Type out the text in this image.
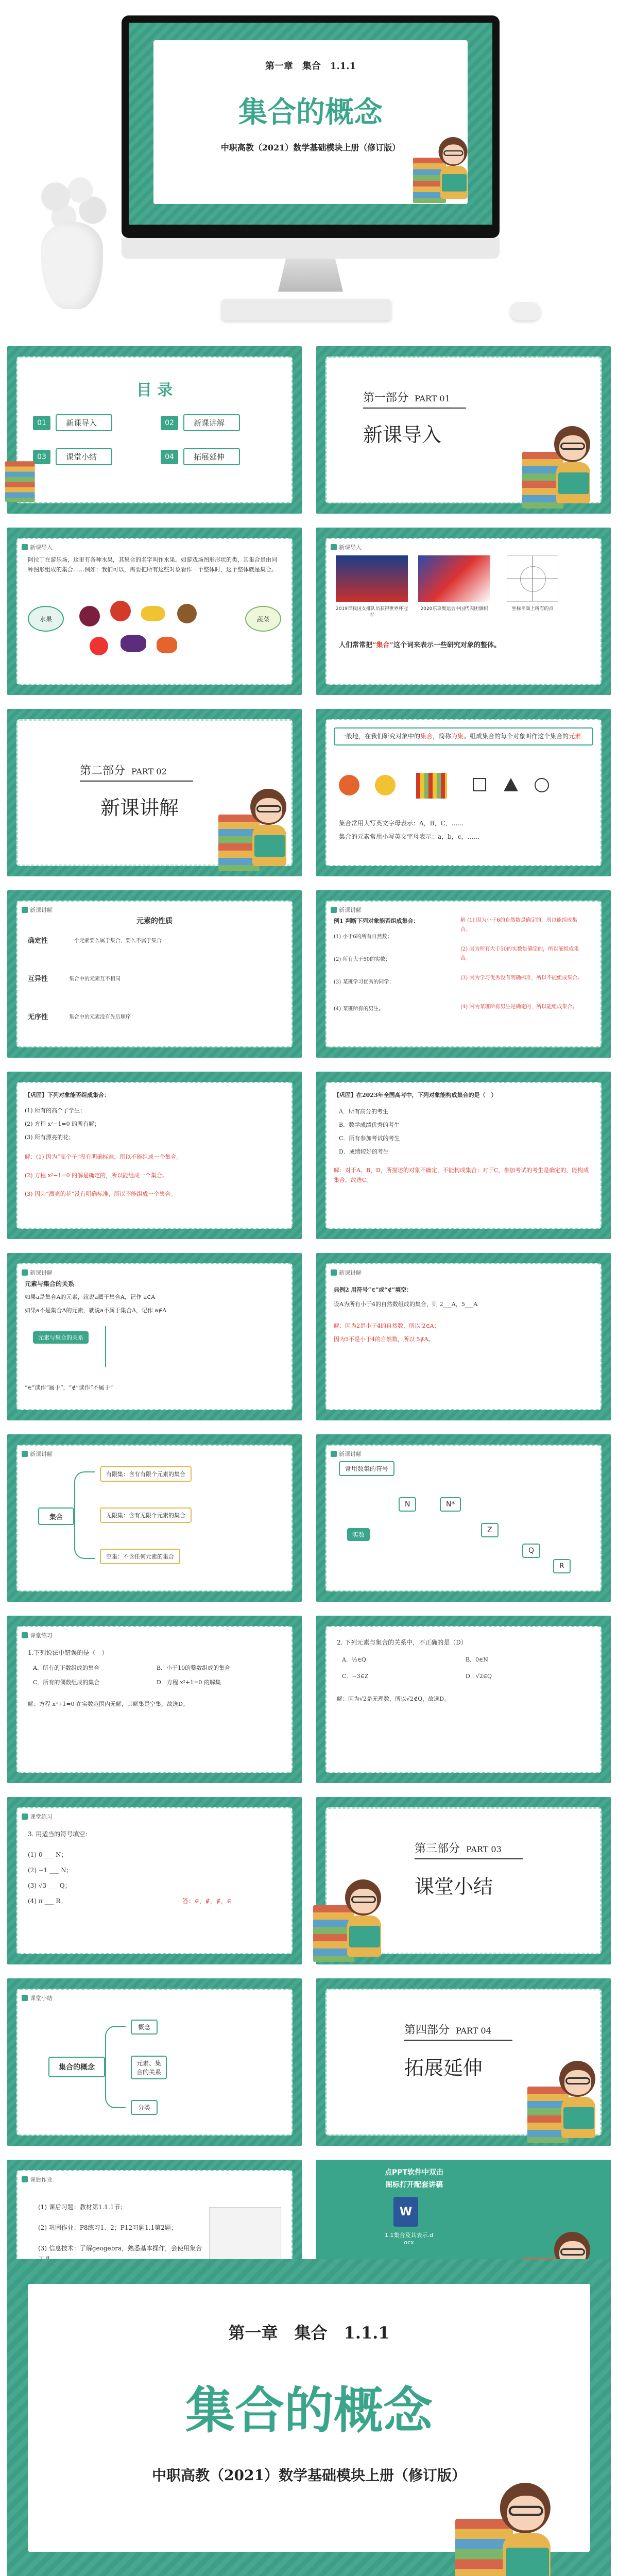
第一章　集合　1.1.1
集合的概念
中职高教（2021）数学基础模块上册（修订版）
目 录
01	新课导入	02	新课讲解
03	课堂小结	04	拓展延伸
第一部分 PART 01
新课导入
新课导入
阿拉丁在游乐场，这里有各种水果，其集合的名字叫作水果。如游戏场图形形状的类，其集合是由同种图形组成的集合……例如：我们可以，需要把所有这些对象看作一个整体时，这个整体就是集合。
水果	蔬菜
新课导入
2019年我国女排队员获得世界杯冠军
2020东京奥运会中国代表团旗帜	坐标平面上所有的点
人们常常把“集合”这个词来表示一些研究对象的整体。
第二部分 PART 02
新课讲解
一般地，在我们研究对象中的集合，简称为集。组成集合的每个对象叫作这个集合的元素
集合常用大写英文字母表示：A，B，C，……
集合的元素常用小写英文字母表示：a，b，c，……
新课讲解
元素的性质
确定性	一个元素要么属于集合，要么不属于集合
互异性	集合中的元素互不相同
无序性	集合中的元素没有先后顺序
新课讲解
例1 判断下列对象能否组成集合：
(1) 小于6的所有自然数；
(2) 所有大于50的实数；
(3) 某班学习优秀的同学；
(4) 某班所有的男生。
解 (1) 因为小于6的自然数是确定的，所以能组成集合。
(2) 因为所有大于50的实数是确定的，所以能组成集合。
(3) 因为学习优秀没有明确标准，所以不能组成集合。
(4) 因为某班所有男生是确定的，所以能组成集合。
【巩固】下列对象能否组成集合：
(1) 所有的高个子学生；
(2) 方程 x²−1=0 的所有解；
(3) 所有漂亮的花；
解：(1) 因为“高个子”没有明确标准，所以不能组成一个集合。
(2) 方程 x²−1=0 的解是确定的，所以能组成一个集合。
(3) 因为“漂亮的花”没有明确标准，所以不能组成一个集合。
【巩固】在2023年全国高考中，下列对象能构成集合的是（　）
A．所有高分的考生
B．数学成绩优秀的考生
C．所有参加考试的考生
D．成绩较好的考生
解：对于A、B、D，所描述的对象不确定，不能构成集合；对于C，参加考试的考生是确定的，能构成集合。故选C。
新课讲解
元素与集合的关系
如果a是集合A的元素，就说a属于集合A，记作 a∈A
如果a不是集合A的元素，就说a不属于集合A，记作 a∉A
元素与集合的关系
“∈”读作“属于”，“∉”读作“不属于”
新课讲解
典例2 用符号“∈”或“∉”填空：
设A为所有小于4的自然数组成的集合，则 2___A，5___A
解：因为2是小于4的自然数，所以 2∈A；
因为5不是小于4的自然数，所以 5∉A。
新课讲解
集合
有限集：含有有限个元素的集合
无限集：含有无限个元素的集合
空集：不含任何元素的集合
新课讲解
常用数集的符号
实数
N	N*
Z
Q
R
课堂练习
1.下列说法中错误的是（　）
A．所有的正数组成的集合	B．小于10的整数组成的集合
C．所有的偶数组成的集合	D．方程 x²+1=0 的解集
解：方程 x²+1=0 在实数范围内无解，其解集是空集，故选D。
2. 下列元素与集合的关系中，不正确的是（D）
A．½∈Q	B．0∈N
C．−3∈Z	D．√2∈Q
解：因为√2是无理数，所以√2∉Q，故选D。
课堂练习
3. 用适当的符号填空：
(1) 0 ___ N；
(2) −1 ___ N；
(3) √3 ___ Q；
(4) π ___ R。	答：∈，∉，∉，∈
第三部分 PART 03
课堂小结
课堂小结
集合的概念
概念
元素、集合的关系
分类
第四部分 PART 04
拓展延伸
课后作业
(1) 课后习题：教材第1.1.1节；
(2) 巩固作业：P8练习1、2；P12习题1.1第2题；
(3) 信息技术：了解geogebra，熟悉基本操作，会使用集合
点PPT软件中双击
图标打开配套讲稿
W
1.1集合及其表示.d
ocx
第一章　集合　1.1.1
集合的概念
中职高教（2021）数学基础模块上册（修订版）
